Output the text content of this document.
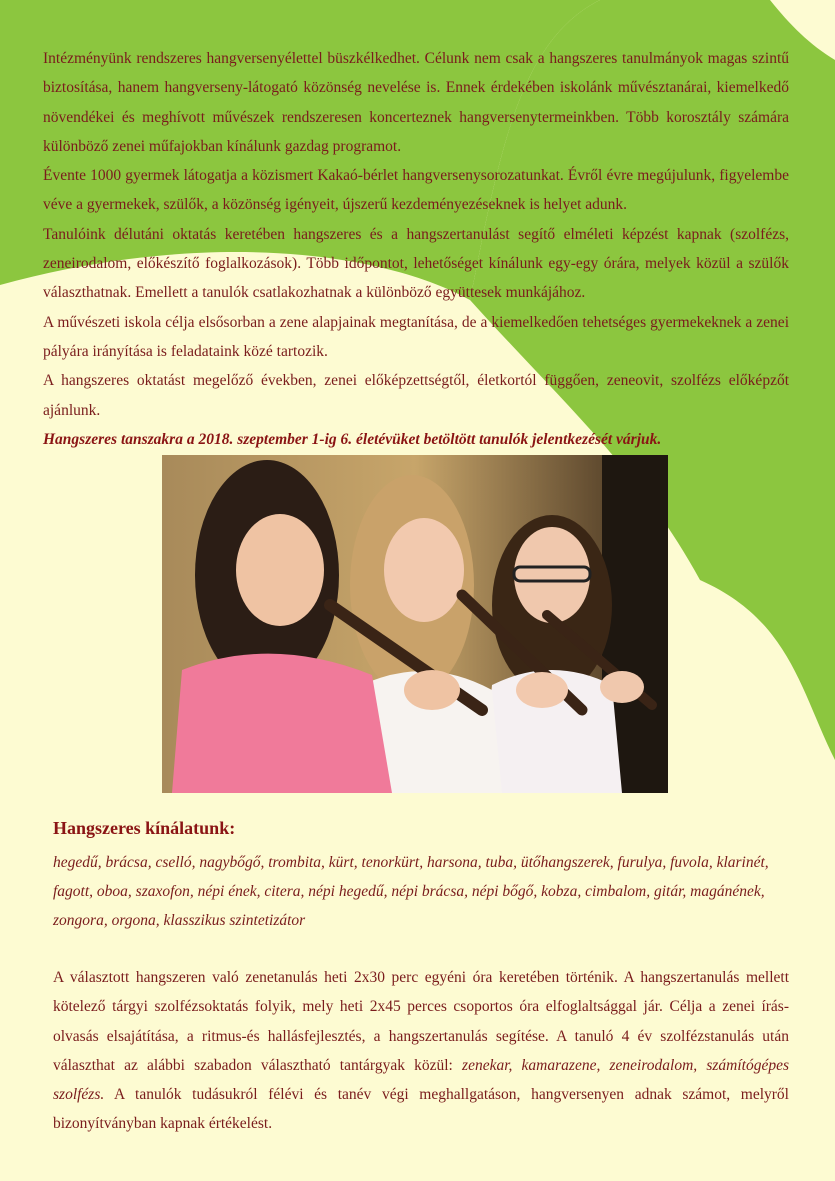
Intézményünk rendszeres hangversenyélettel büszkélkedhet. Célunk nem csak a hangszeres tanulmányok magas szintű biztosítása, hanem hangverseny-látogató közönség nevelése is. Ennek érdekében iskolánk művésztanárai, kiemelkedő növendékei és meghívott művészek rendszeresen koncerteznek hangversenytermeinkben. Több korosztály számára különböző zenei műfajokban kínálunk gazdag programot.

Évente 1000 gyermek látogatja a közismert Kakaó-bérlet hangversenysorozatunkat. Évről évre megújulunk, figyelembe véve a gyermekek, szülők, a közönség igényeit, újszerű kezdeményezéseknek is helyet adunk.

Tanulóink délutáni oktatás keretében hangszeres és a hangszertanulást segítő elméleti képzést kapnak (szolfézs, zeneirodalom, előkészítő foglalkozások). Több időpontot, lehetőséget kínálunk egy-egy órára, melyek közül a szülők választhatnak. Emellett a tanulók csatlakozhatnak a különböző együttesek munkájához.

A művészeti iskola célja elsősorban a zene alapjainak megtanítása, de a kiemelkedően tehetséges gyermekeknek a zenei pályára irányítása is feladataink közé tartozik.

A hangszeres oktatást megelőző években, zenei előképzettségtől, életkortól függően, zeneovit, szolfézs előképzőt ajánlunk.

Hangszeres tanszakra a 2018. szeptember 1-ig 6. életévüket betöltött tanulók jelentkezését várjuk.

Hangszeres kínálatunk:

hegedű, brácsa, cselló, nagybőgő, trombita, kürt, tenorkürt, harsona, tuba, ütőhangszerek, furulya, fuvola, klarinét, fagott, oboa, szaxofon, népi ének, citera, népi hegedű, népi brácsa, népi bőgő, kobza, cimbalom, gitár, magánének, zongora, orgona, klasszikus szintetizátor

A választott hangszeren való zenetanulás heti 2x30 perc egyéni óra keretében történik. A hangszertanulás mellett kötelező tárgyi szolfézsoktatás folyik, mely heti 2x45 perces csoportos óra elfoglaltsággal jár. Célja a zenei írás-olvasás elsajátítása, a ritmus-és hallásfejlesztés, a hangszertanulás segítése. A tanuló 4 év szolfézstanulás után választhat az alábbi szabadon választható tantárgyak közül: zenekar, kamarazene, zeneirodalom, számítógépes szolfézs. A tanulók tudásukról félévi és tanév végi meghallgatáson, hangversenyen adnak számot, melyről bizonyítványban kapnak értékelést.
